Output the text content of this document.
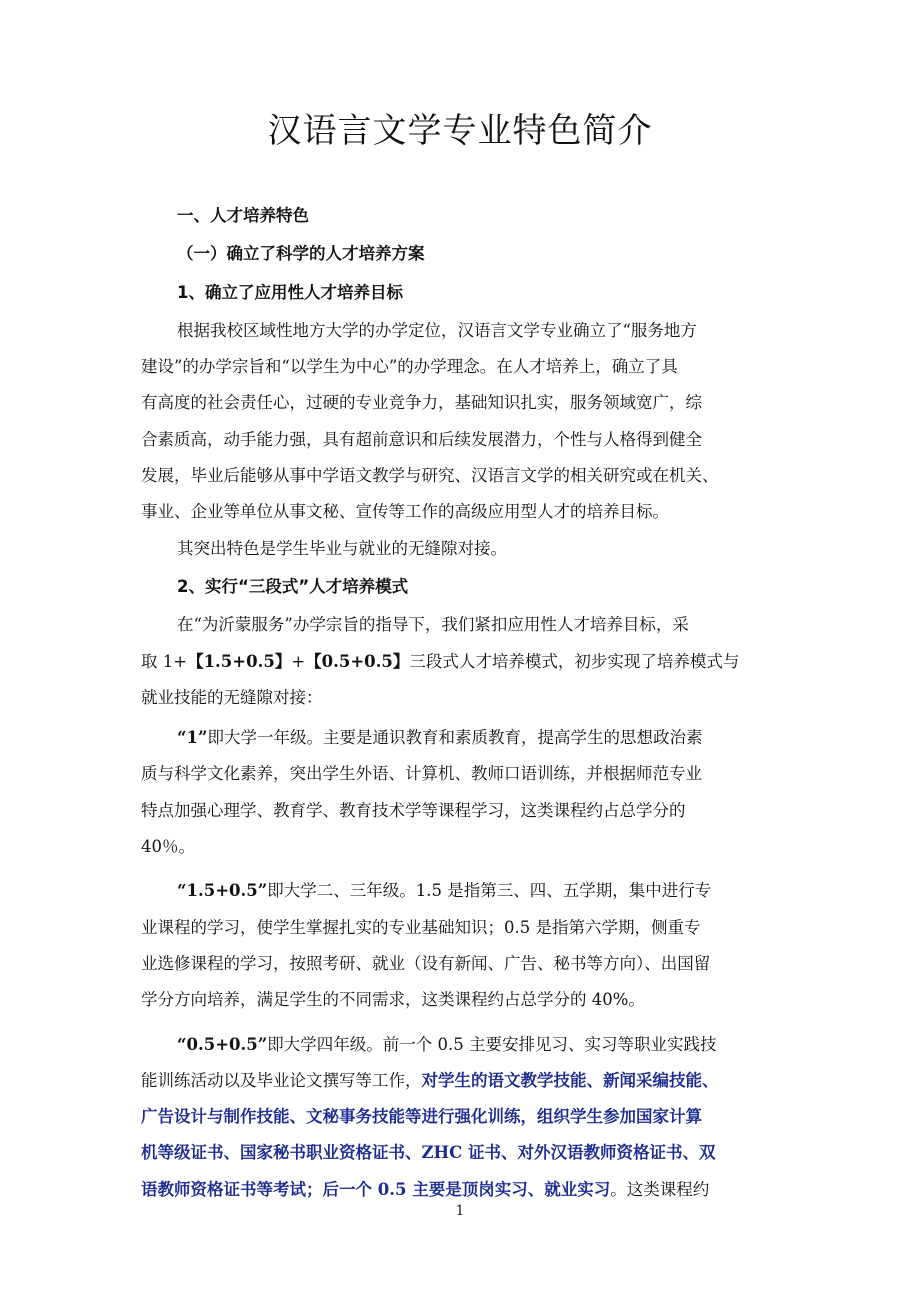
汉语言文学专业特色简介
一、人才培养特色
（一）确立了科学的人才培养方案
1、确立了应用性人才培养目标
根据我校区域性地方大学的办学定位，汉语言文学专业确立了“服务地方
建设”的办学宗旨和“以学生为中心”的办学理念。在人才培养上，确立了具
有高度的社会责任心，过硬的专业竞争力，基础知识扎实，服务领域宽广，综
合素质高，动手能力强，具有超前意识和后续发展潜力，个性与人格得到健全
发展，毕业后能够从事中学语文教学与研究、汉语言文学的相关研究或在机关、
事业、企业等单位从事文秘、宣传等工作的高级应用型人才的培养目标。
其突出特色是学生毕业与就业的无缝隙对接。
2、实行“三段式”人才培养模式
在“为沂蒙服务”办学宗旨的指导下，我们紧扣应用性人才培养目标，采
取 1+【1.5+0.5】+【0.5+0.5】三段式人才培养模式，初步实现了培养模式与
就业技能的无缝隙对接：
“1”即大学一年级。主要是通识教育和素质教育，提高学生的思想政治素
质与科学文化素养，突出学生外语、计算机、教师口语训练，并根据师范专业
特点加强心理学、教育学、教育技术学等课程学习，这类课程约占总学分的
40％。
“1.5+0.5”即大学二、三年级。1.5 是指第三、四、五学期，集中进行专
业课程的学习，使学生掌握扎实的专业基础知识；0.5 是指第六学期，侧重专
业选修课程的学习，按照考研、就业（设有新闻、广告、秘书等方向）、出国留
学分方向培养，满足学生的不同需求，这类课程约占总学分的 40%。
“0.5+0.5”即大学四年级。前一个 0.5 主要安排见习、实习等职业实践技
能训练活动以及毕业论文撰写等工作，对学生的语文教学技能、新闻采编技能、
广告设计与制作技能、文秘事务技能等进行强化训练，组织学生参加国家计算
机等级证书、国家秘书职业资格证书、ZHC 证书、对外汉语教师资格证书、双
语教师资格证书等考试；后一个 0.5 主要是顶岗实习、就业实习。这类课程约
1
